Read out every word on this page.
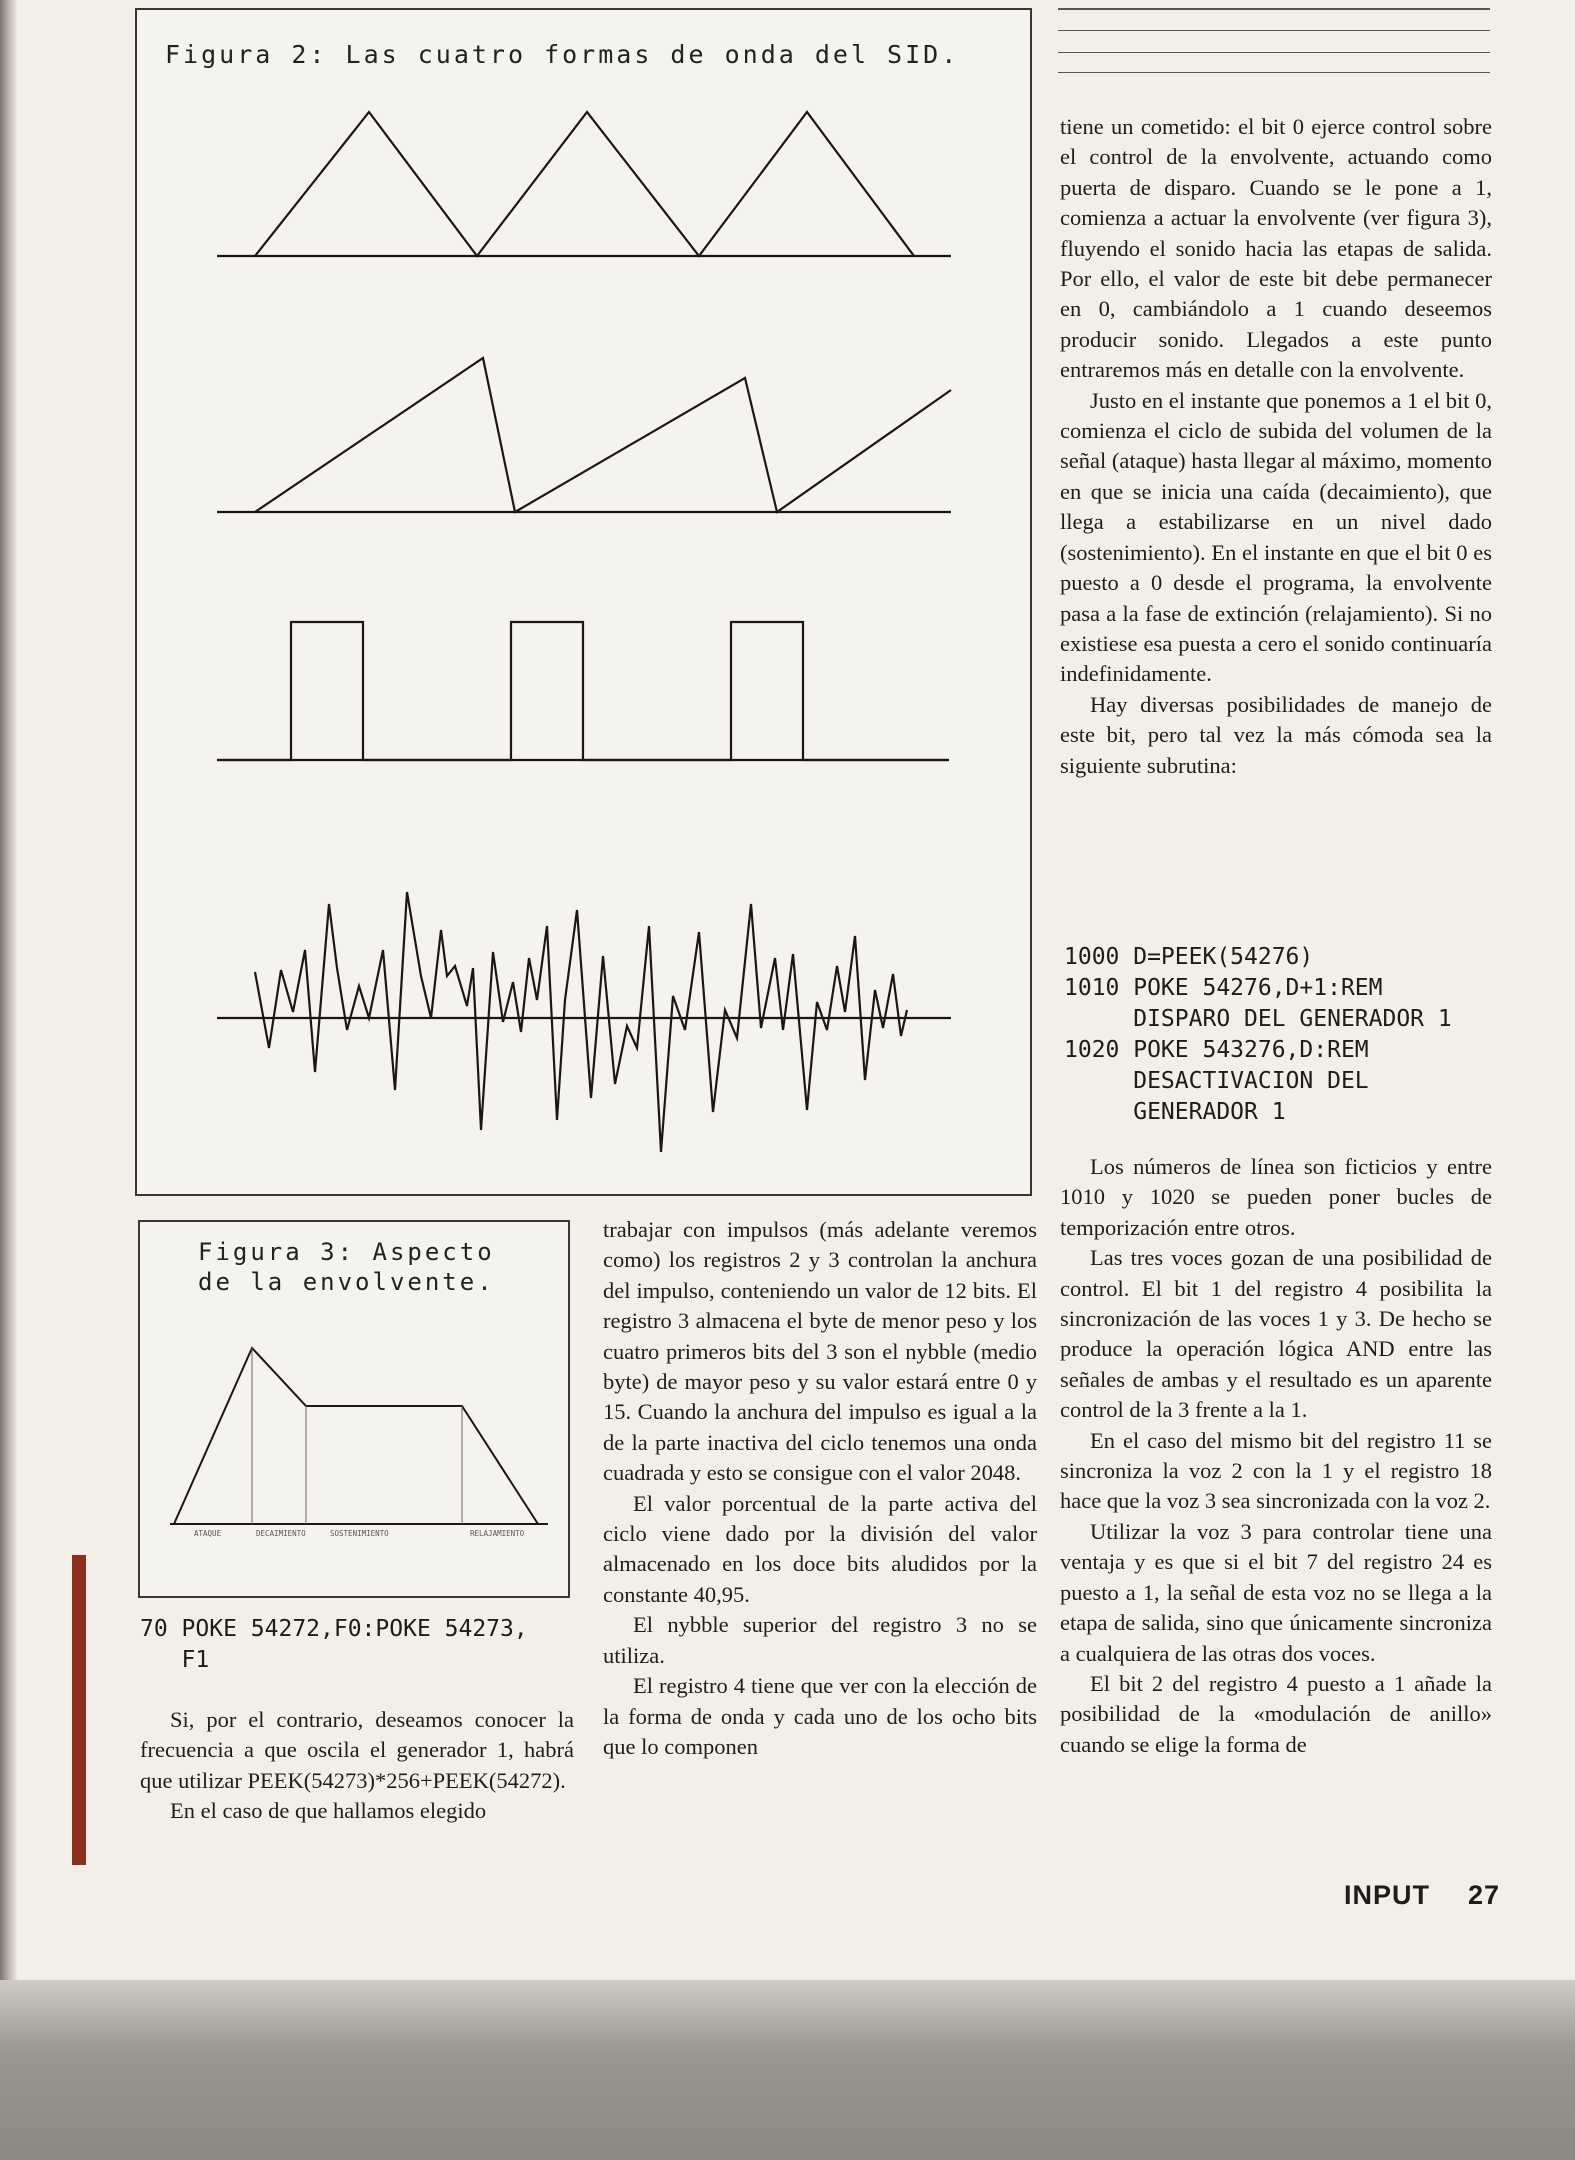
Figura 2: Las cuatro formas de onda del SID.
Figura 3: Aspecto
de la envolvente.
ATAQUE	DECAIMIENTO	SOSTENIMIENTO	RELAJAMIENTO
70 POKE 54272,F0:POKE 54273,
F1

Si, por el contrario, deseamos conocer la frecuencia a que oscila el generador 1, habrá que utilizar PEEK(54273)*256+PEEK(54272).

En el caso de que hallamos elegido

trabajar con impulsos (más adelante veremos como) los registros 2 y 3 controlan la anchura del impulso, conteniendo un valor de 12 bits. El registro 3 almacena el byte de menor peso y los cuatro primeros bits del 3 son el nybble (medio byte) de mayor peso y su valor estará entre 0 y 15. Cuando la anchura del impulso es igual a la de la parte inactiva del ciclo tenemos una onda cuadrada y esto se consigue con el valor 2048.

El valor porcentual de la parte activa del ciclo viene dado por la división del valor almacenado en los doce bits aludidos por la constante 40,95.

El nybble superior del registro 3 no se utiliza.

El registro 4 tiene que ver con la elección de la forma de onda y cada uno de los ocho bits que lo componen

tiene un cometido: el bit 0 ejerce control sobre el control de la envolvente, actuando como puerta de disparo. Cuando se le pone a 1, comienza a actuar la envolvente (ver figura 3), fluyendo el sonido hacia las etapas de salida. Por ello, el valor de este bit debe permanecer en 0, cambiándolo a 1 cuando deseemos producir sonido. Llegados a este punto entraremos más en detalle con la envolvente.

Justo en el instante que ponemos a 1 el bit 0, comienza el ciclo de subida del volumen de la señal (ataque) hasta llegar al máximo, momento en que se inicia una caída (decaimiento), que llega a estabilizarse en un nivel dado (sostenimiento). En el instante en que el bit 0 es puesto a 0 desde el programa, la envolvente pasa a la fase de extinción (relajamiento). Si no existiese esa puesta a cero el sonido continuaría indefinidamente.

Hay diversas posibilidades de manejo de este bit, pero tal vez la más cómoda sea la siguiente subrutina:

1000 D=PEEK(54276)
1010 POKE 54276,D+1:REM
DISPARO DEL GENERADOR 1
1020 POKE 543276,D:REM
DESACTIVACION DEL
GENERADOR 1

Los números de línea son ficticios y entre 1010 y 1020 se pueden poner bucles de temporización entre otros.

Las tres voces gozan de una posibilidad de control. El bit 1 del registro 4 posibilita la sincronización de las voces 1 y 3. De hecho se produce la operación lógica AND entre las señales de ambas y el resultado es un aparente control de la 3 frente a la 1.

En el caso del mismo bit del registro 11 se sincroniza la voz 2 con la 1 y el registro 18 hace que la voz 3 sea sincronizada con la voz 2.

Utilizar la voz 3 para controlar tiene una ventaja y es que si el bit 7 del registro 24 es puesto a 1, la señal de esta voz no se llega a la etapa de salida, sino que únicamente sincroniza a cualquiera de las otras dos voces.

El bit 2 del registro 4 puesto a 1 añade la posibilidad de la «modulación de anillo» cuando se elige la forma de

INPUT 27
